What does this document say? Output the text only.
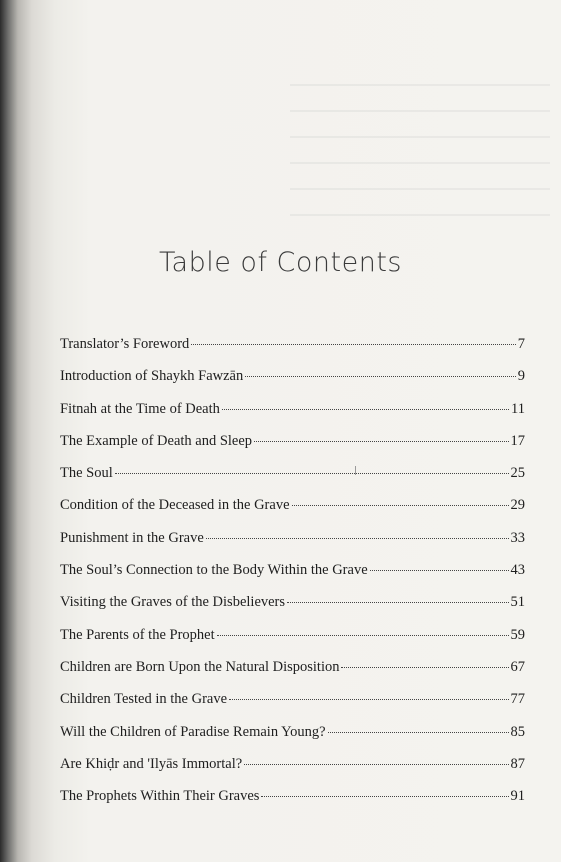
Table of Contents
Translator’s Foreword	7
Introduction of Shaykh Fawzān	9
Fitnah at the Time of Death	11
The Example of Death and Sleep	17
The Soul	25
Condition of the Deceased in the Grave	29
Punishment in the Grave	33
The Soul’s Connection to the Body Within the Grave	43
Visiting the Graves of the Disbelievers	51
The Parents of the Prophet	59
Children are Born Upon the Natural Disposition	67
Children Tested in the Grave	77
Will the Children of Paradise Remain Young?	85
Are Khiḍr and 'Ilyās Immortal?	87
The Prophets Within Their Graves	91
